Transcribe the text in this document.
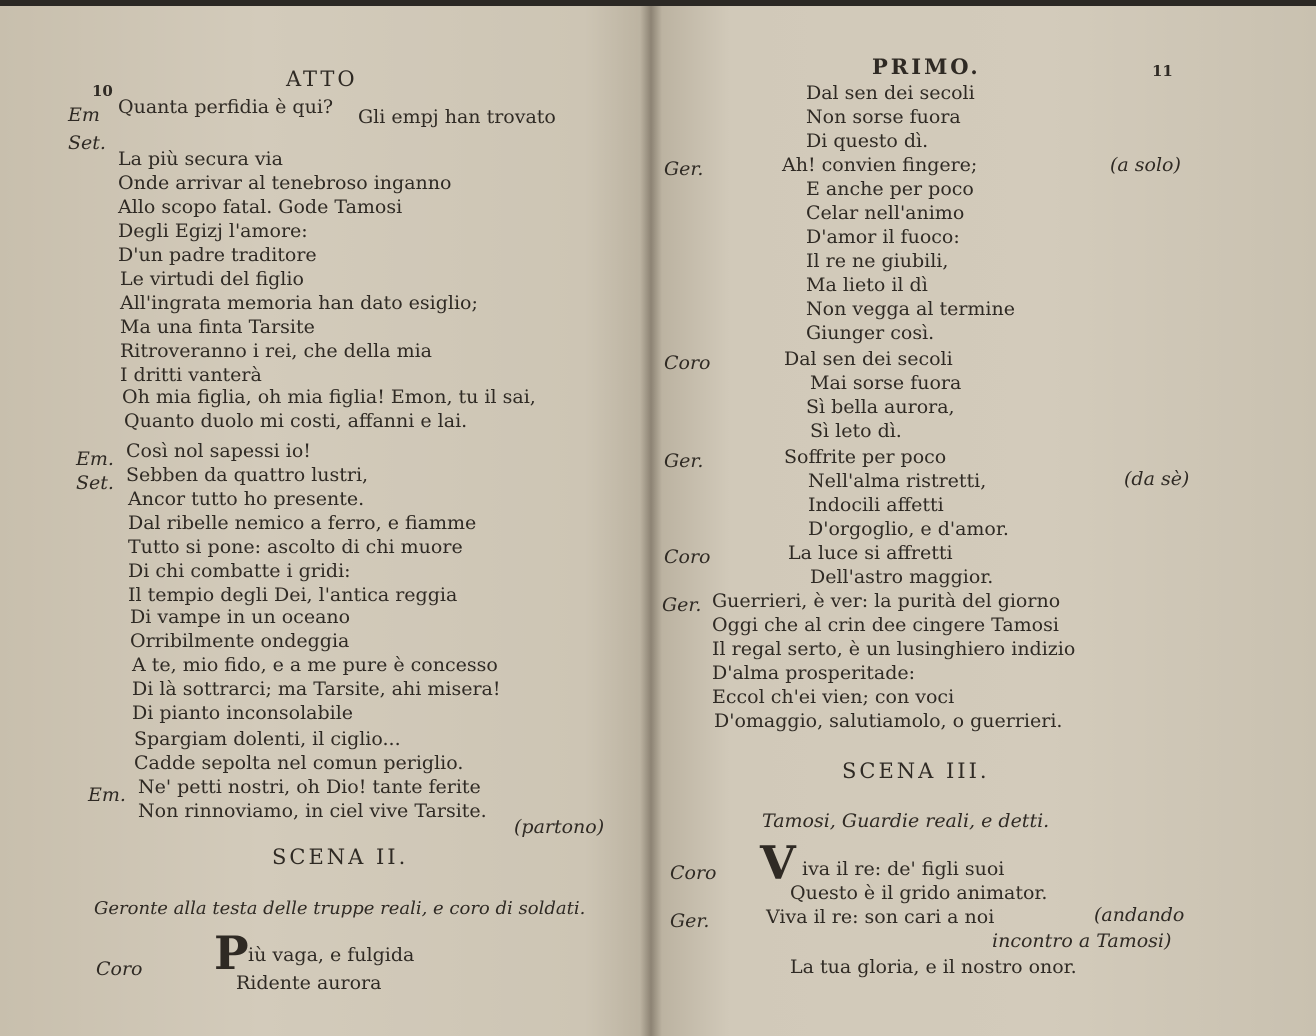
10	ATTO
Em Quanta perfidia è qui? Gli empj han trovato
Set.
La più secura via
Onde arrivar al tenebroso inganno
Allo scopo fatal. Gode Tamosi
Degli Egizj l'amore:
D'un padre traditore
Le virtudi del figlio
All'ingrata memoria han dato esiglio;
Ma una finta Tarsite
Ritroveranno i rei, che della mia
I dritti vanterà
Oh mia figlia, oh mia figlia! Emon, tu il sai,
Quanto duolo mi costi, affanni e lai.
Em. Così nol sapessi io!
Set. Sebben da quattro lustri,
Ancor tutto ho presente.
Dal ribelle nemico a ferro, e fiamme
Tutto si pone: ascolto di chi muore
Di chi combatte i gridi:
Il tempio degli Dei, l'antica reggia
Di vampe in un oceano
Orribilmente ondeggia
A te, mio fido, e a me pure è concesso
Di là sottrarci; ma Tarsite, ahi misera!
Di pianto inconsolabile
Spargiam dolenti, il ciglio...
Cadde sepolta nel comun periglio.
Em. Ne' petti nostri, oh Dio! tante ferite
Non rinnoviamo, in ciel vive Tarsite.
(partono)
SCENA II.
Geronte alla testa delle truppe reali, e coro di soldati.
Coro P iù vaga, e fulgida
Ridente aurora
PRIMO.	11
Dal sen dei secoli
Non sorse fuora
Di questo dì.
Ger.	Ah! convien fingere;
E anche per poco
Celar nell'animo
D'amor il fuoco:
Il re ne giubili,
Ma lieto il dì
Non vegga al termine
Giunger così.
Coro	Dal sen dei secoli
Mai sorse fuora
Sì bella aurora,
Sì leto dì.
Ger.	Soffrite per poco
Nell'alma ristretti,
Indocili affetti
D'orgoglio, e d'amor.
Coro	La luce si affretti
Dell'astro maggior.
Ger. Guerrieri, è ver: la purità del giorno
Oggi che al crin dee cingere Tamosi
Il regal serto, è un lusinghiero indizio
D'alma prosperitade:
Eccol ch'ei vien; con voci
D'omaggio, salutiamolo, o guerrieri.
(a solo)
(da sè)
SCENA III.
Tamosi, Guardie reali, e detti.
Coro V iva il re: de' figli suoi
Questo è il grido animator.
Ger.	Viva il re: son cari a noi	(andando
incontro a Tamosi)
La tua gloria, e il nostro onor.
